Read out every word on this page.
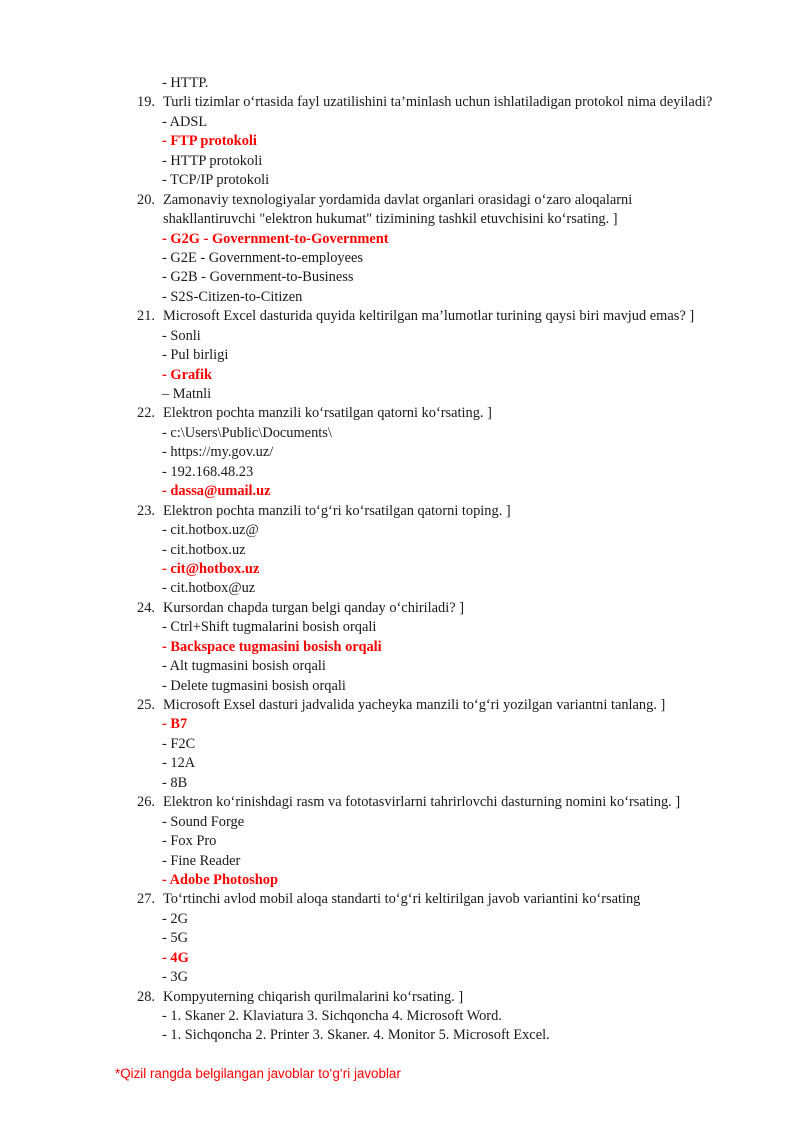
- HTTP.
19. Turli tizimlar o‘rtasida fayl uzatilishini ta’minlash uchun ishlatiladigan protokol nima deyiladi?
- ADSL
- FTP protokoli
- HTTP protokoli
- TCP/IP protokoli
20. Zamonaviy texnologiyalar yordamida davlat organlari orasidagi o‘zaro aloqalarni
shakllantiruvchi "elektron hukumat" tizimining tashkil etuvchisini ko‘rsating. ]
- G2G - Government-to-Government
- G2E - Government-to-employees
- G2B - Government-to-Business
- S2S-Citizen-to-Citizen
21. Microsoft Excel dasturida quyida keltirilgan ma’lumotlar turining qaysi biri mavjud emas? ]
- Sonli
- Pul birligi
- Grafik
– Matnli
22. Elektron pochta manzili ko‘rsatilgan qatorni ko‘rsating. ]
- c:\Users\Public\Documents\
- https://my.gov.uz/
- 192.168.48.23
- dassa@umail.uz
23. Elektron pochta manzili to‘g‘ri ko‘rsatilgan qatorni toping. ]
- cit.hotbox.uz@
- cit.hotbox.uz
- cit@hotbox.uz
- cit.hotbox@uz
24. Kursordan chapda turgan belgi qanday o‘chiriladi? ]
- Ctrl+Shift tugmalarini bosish orqali
- Backspace tugmasini bosish orqali
- Alt tugmasini bosish orqali
- Delete tugmasini bosish orqali
25. Microsoft Exsel dasturi jadvalida yacheyka manzili to‘g‘ri yozilgan variantni tanlang. ]
- B7
- F2C
- 12A
- 8B
26. Elektron ko‘rinishdagi rasm va fototasvirlarni tahrirlovchi dasturning nomini ko‘rsating. ]
- Sound Forge
- Fox Pro
- Fine Reader
- Adobe Photoshop
27. To‘rtinchi avlod mobil aloqa standarti to‘g‘ri keltirilgan javob variantini ko‘rsating
- 2G
- 5G
- 4G
- 3G
28. Kompyuterning chiqarish qurilmalarini ko‘rsating. ]
- 1. Skaner 2. Klaviatura 3. Sichqoncha 4. Microsoft Word.
- 1. Sichqoncha 2. Printer 3. Skaner. 4. Monitor 5. Microsoft Excel.
*Qizil rangda belgilangan javoblar to‘g‘ri javoblar
